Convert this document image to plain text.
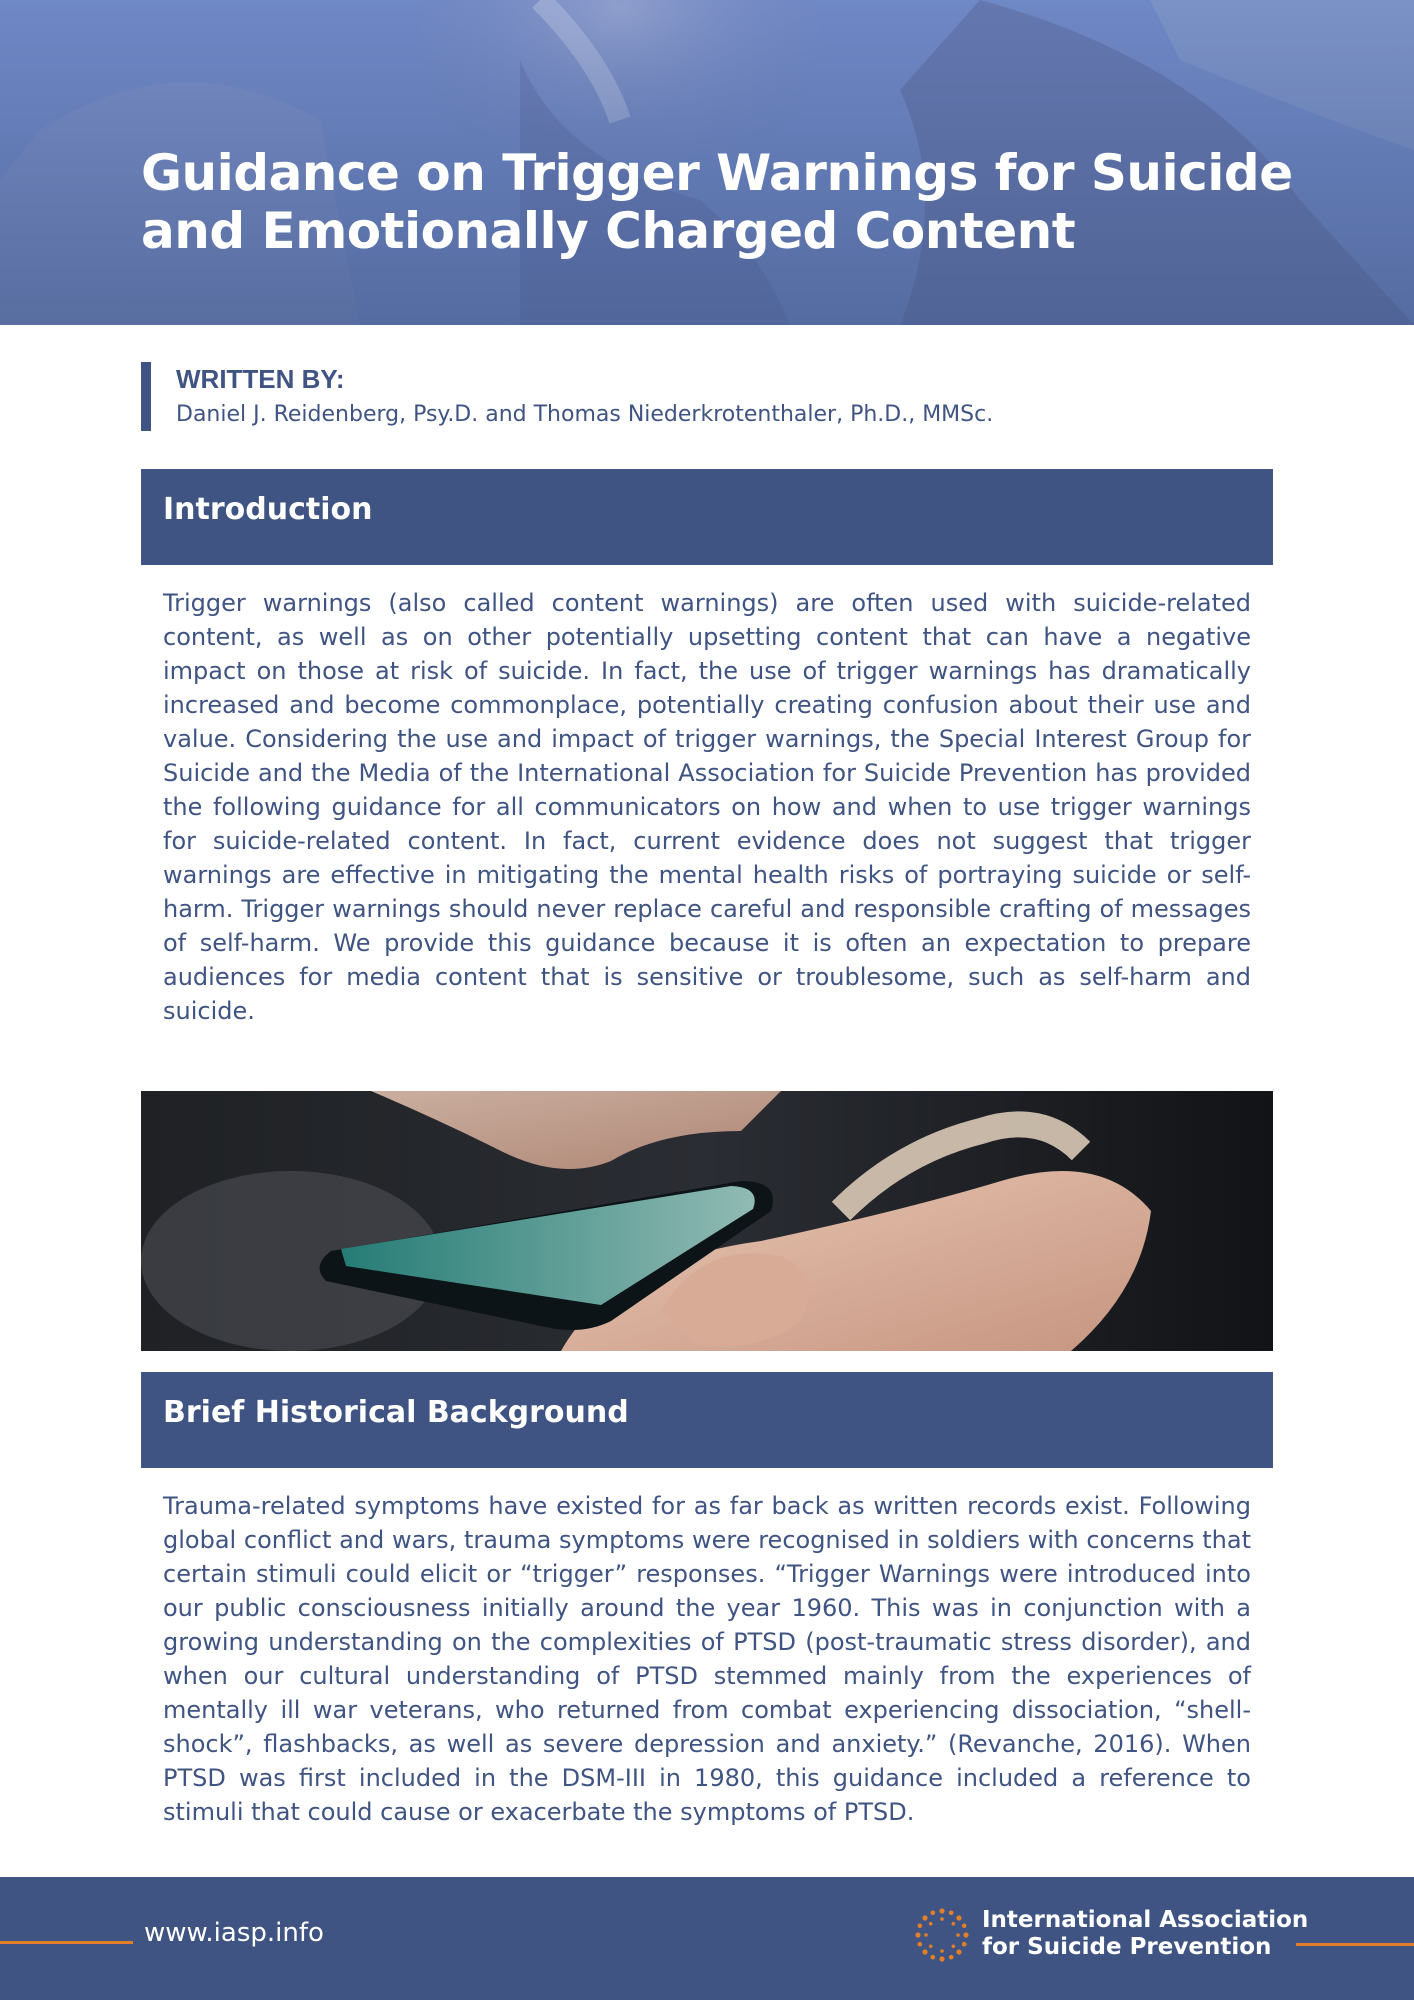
Guidance on Trigger Warnings for Suicide and Emotionally Charged Content
WRITTEN BY:
Daniel J. Reidenberg, Psy.D. and Thomas Niederkrotenthaler, Ph.D., MMSc.
Introduction

Trigger warnings (also called content warnings) are often used with suicide-related content, as well as on other potentially upsetting content that can have a negative impact on those at risk of suicide. In fact, the use of trigger warnings has dramatically increased and become commonplace, potentially creating confusion about their use and value. Considering the use and impact of trigger warnings, the Special Interest Group for Suicide and the Media of the International Association for Suicide Prevention has provided the following guidance for all communicators on how and when to use trigger warnings for suicide-related content. In fact, current evidence does not suggest that trigger warnings are effective in mitigating the mental health risks of portraying suicide or self-harm. Trigger warnings should never replace careful and responsible crafting of messages of self-harm. We provide this guidance because it is often an expectation to prepare audiences for media content that is sensitive or troublesome, such as self-harm and suicide.

Brief Historical Background

Trauma-related symptoms have existed for as far back as written records exist. Following global conflict and wars, trauma symptoms were recognised in soldiers with concerns that certain stimuli could elicit or “trigger” responses. “Trigger Warnings were introduced into our public consciousness initially around the year 1960. This was in conjunction with a growing understanding on the complexities of PTSD (post-traumatic stress disorder), and when our cultural understanding of PTSD stemmed mainly from the experiences of mentally ill war veterans, who returned from combat experiencing dissociation, “shell-shock”, flashbacks, as well as severe depression and anxiety.” (Revanche, 2016). When PTSD was first included in the DSM-III in 1980, this guidance included a reference to stimuli that could cause or exacerbate the symptoms of PTSD.

www.iasp.info	International Association
for Suicide Prevention
